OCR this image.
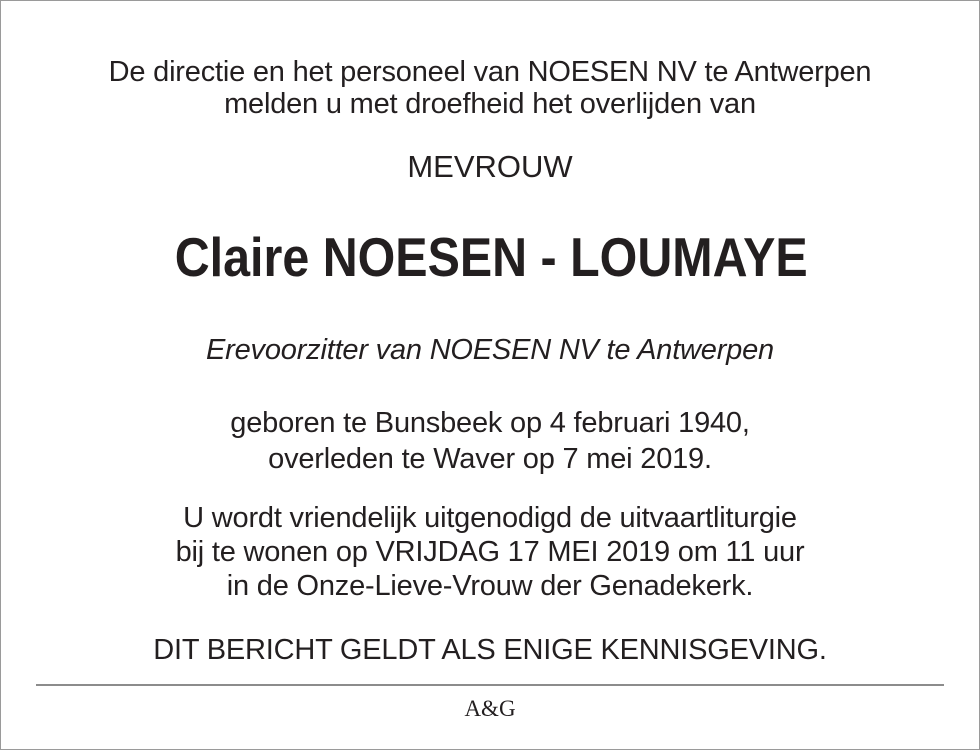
De directie en het personeel van NOESEN NV te Antwerpen
melden u met droefheid het overlijden van
MEVROUW
Claire NOESEN - LOUMAYE
Erevoorzitter van NOESEN NV te Antwerpen
geboren te Bunsbeek op 4 februari 1940,
overleden te Waver op 7 mei 2019.
U wordt vriendelijk uitgenodigd de uitvaartliturgie
bij te wonen op VRIJDAG 17 MEI 2019 om 11 uur
in de Onze-Lieve-Vrouw der Genadekerk.
DIT BERICHT GELDT ALS ENIGE KENNISGEVING.
A&G
